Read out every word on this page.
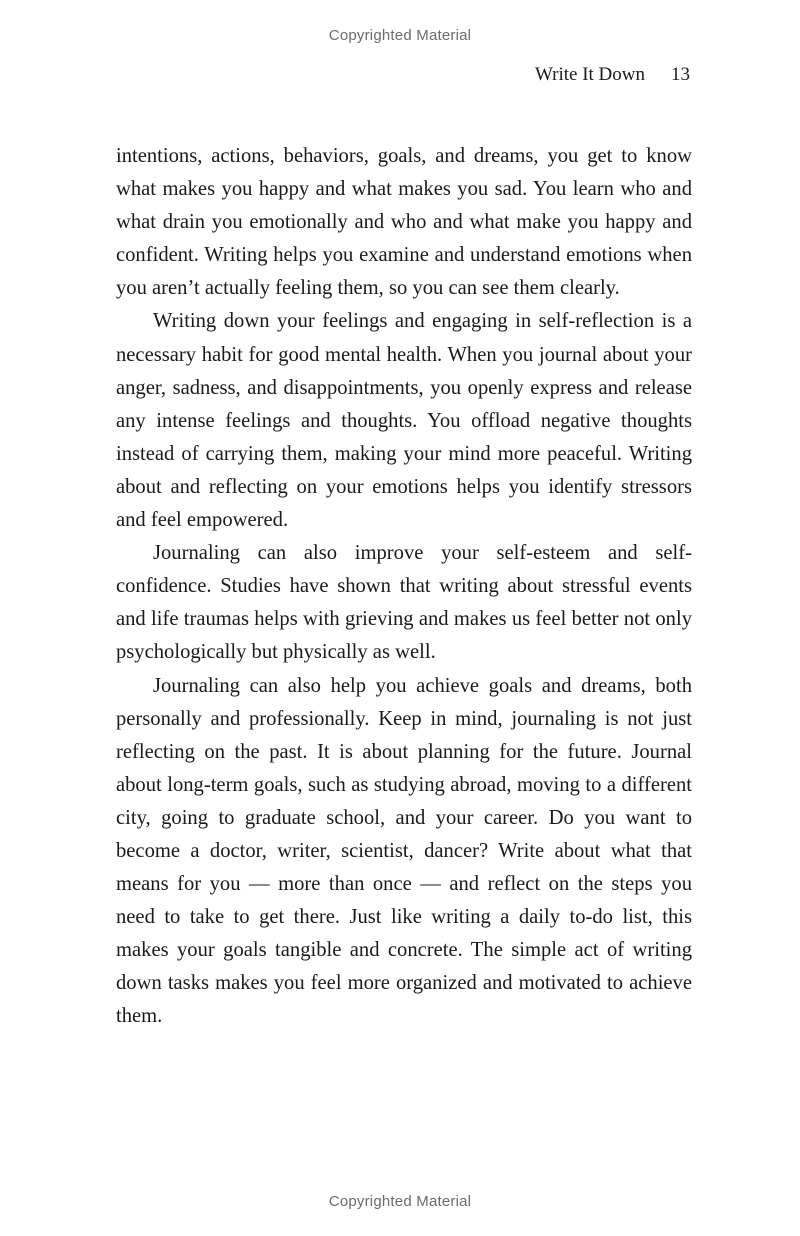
Copyrighted Material
Write It Down 13

intentions, actions, behaviors, goals, and dreams, you get to know what makes you happy and what makes you sad. You learn who and what drain you emotionally and who and what make you happy and confident. Writing helps you examine and understand emotions when you aren’t actually feeling them, so you can see them clearly.

Writing down your feelings and engaging in self-reflection is a necessary habit for good mental health. When you journal about your anger, sadness, and disappointments, you openly express and release any intense feelings and thoughts. You offload negative thoughts instead of carrying them, making your mind more peaceful. Writing about and reflecting on your emotions helps you identify stressors and feel empowered.

Journaling can also improve your self-esteem and self-confidence. Studies have shown that writing about stressful events and life traumas helps with grieving and makes us feel better not only psychologically but physically as well.

Journaling can also help you achieve goals and dreams, both personally and professionally. Keep in mind, journaling is not just reflecting on the past. It is about planning for the future. Journal about long-term goals, such as studying abroad, moving to a different city, going to graduate school, and your career. Do you want to become a doctor, writer, scientist, dancer? Write about what that means for you — more than once — and reflect on the steps you need to take to get there. Just like writing a daily to-do list, this makes your goals tangible and concrete. The simple act of writing down tasks makes you feel more organized and motivated to achieve them.

Copyrighted Material
